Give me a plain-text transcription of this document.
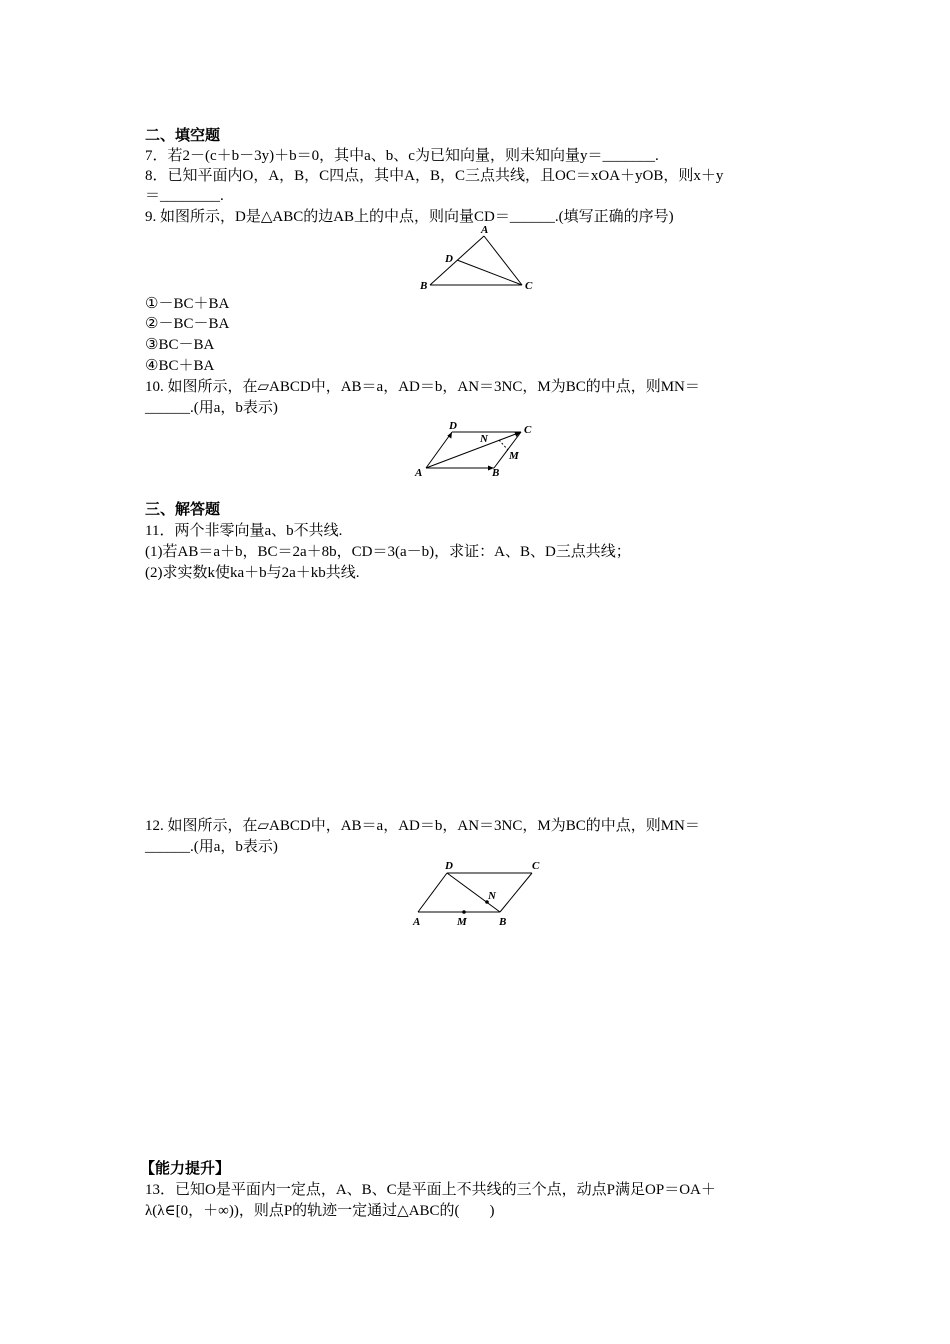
二、填空题
7．若2－(c＋b－3y)＋b＝0，其中a、b、c为已知向量，则未知向量y＝_______.
8．已知平面内O，A，B，C四点，其中A，B，C三点共线，且OC＝xOA＋yOB，则x＋y
＝________.
9. 如图所示，D是△ABC的边AB上的中点，则向量CD＝______.(填写正确的序号)
A
D
B	C
①－BC＋BA
②－BC－BA
③BC－BA
④BC＋BA
10. 如图所示，在▱ABCD中，AB＝a，AD＝b，AN＝3NC，M为BC的中点，则MN＝
______.(用a，b表示)
D	C
N
M
A	B
三、解答题
11．两个非零向量a、b不共线.
(1)若AB＝a＋b，BC＝2a＋8b，CD＝3(a－b)，求证：A、B、D三点共线；
(2)求实数k使ka＋b与2a＋kb共线.
12. 如图所示，在▱ABCD中，AB＝a，AD＝b，AN＝3NC，M为BC的中点，则MN＝
______.(用a，b表示)
D	C
N
A	M	B
【能力提升】
13．已知O是平面内一定点，A、B、C是平面上不共线的三个点，动点P满足OP＝OA＋
λ(λ∈[0，＋∞))，则点P的轨迹一定通过△ABC的(　　)
